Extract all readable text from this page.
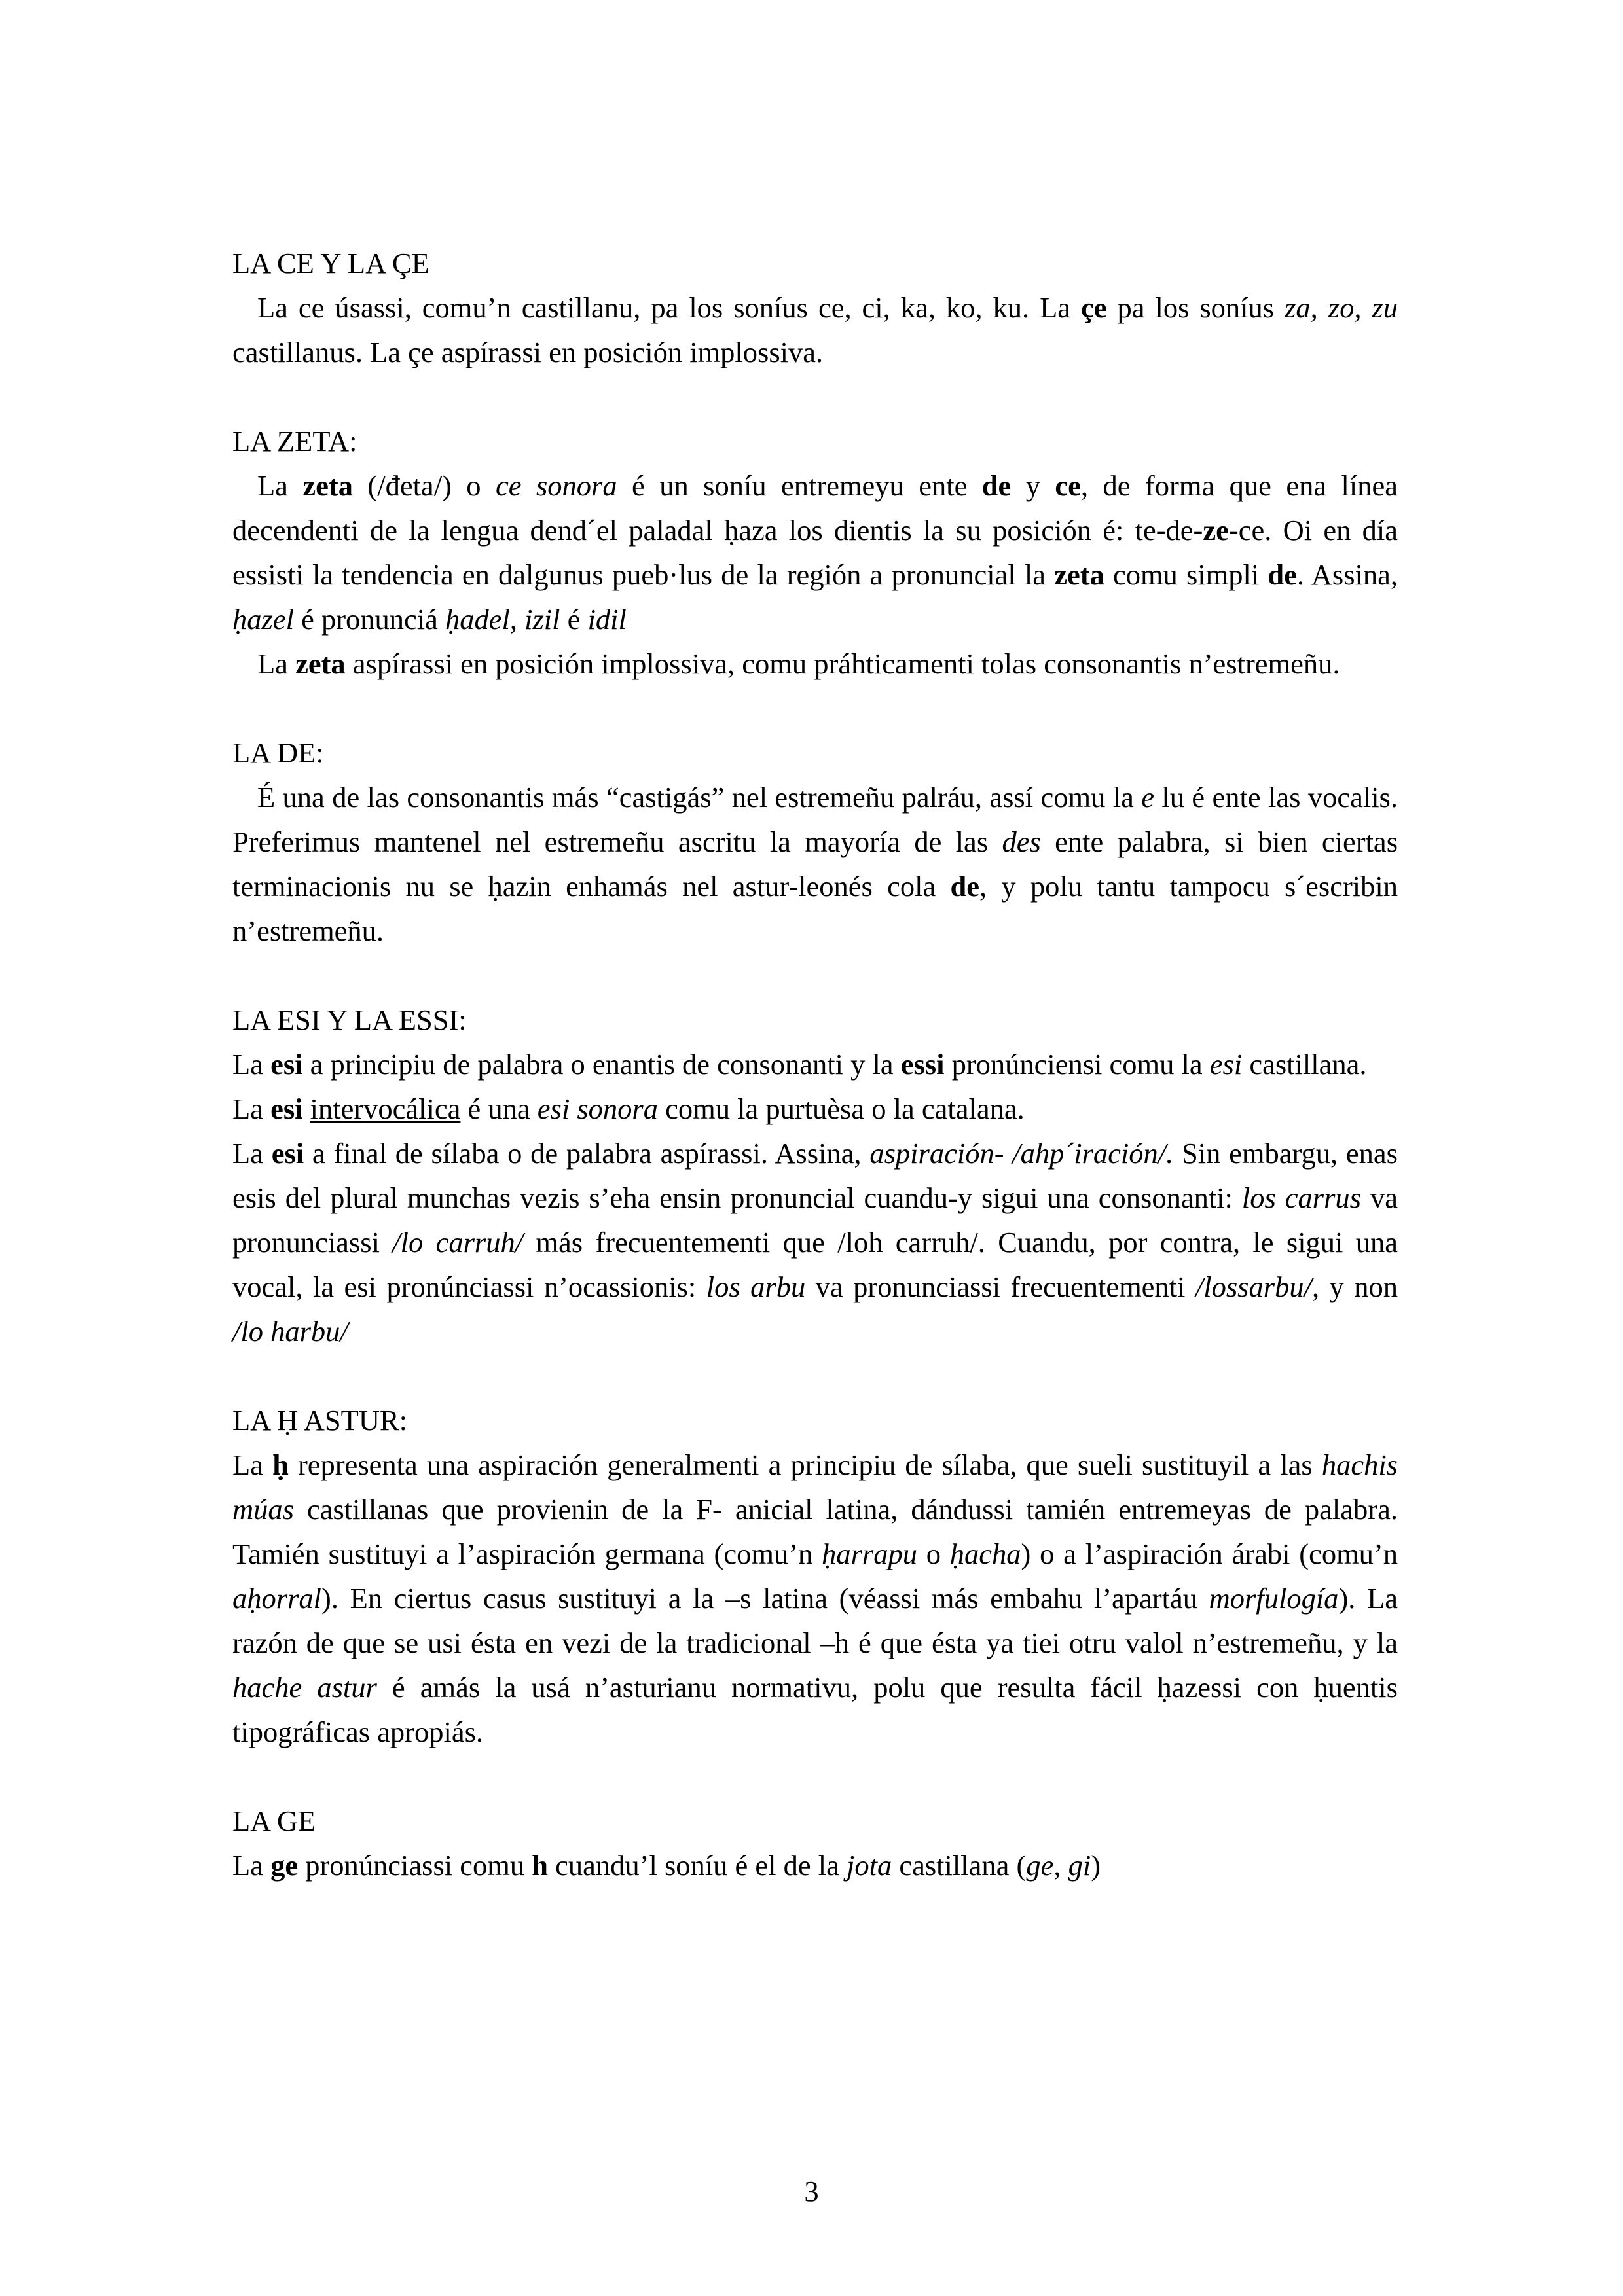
LA CE Y LA ÇE

La ce úsassi, comu’n castillanu, pa los soníus ce, ci, ka, ko, ku. La çe pa los soníus za, zo, zu castillanus. La çe aspírassi en posición implossiva.

LA ZETA:

La zeta (/đeta/) o ce sonora é un soníu entremeyu ente de y ce, de forma que ena línea decendenti de la lengua dend´el paladal ḥaza los dientis la su posición é: te-de-ze-ce. Oi en día essisti la tendencia en dalgunus pueb·lus de la región a pronuncial la zeta comu simpli de. Assina, ḥazel é pronunciá ḥadel, izil é idil

La zeta aspírassi en posición implossiva, comu práhticamenti tolas consonantis n’estremeñu.

LA DE:

É una de las consonantis más “castigás” nel estremeñu palráu, assí comu la e lu é ente las vocalis. Preferimus mantenel nel estremeñu ascritu la mayoría de las des ente palabra, si bien ciertas terminacionis nu se ḥazin enhamás nel astur-leonés cola de, y polu tantu tampocu s´escribin n’estremeñu.

LA ESI Y LA ESSI:

La esi a principiu de palabra o enantis de consonanti y la essi pronúnciensi comu la esi castillana.

La esi intervocálica é una esi sonora comu la purtuèsa o la catalana.

La esi a final de sílaba o de palabra aspírassi. Assina, aspiración- /ahp´iración/. Sin embargu, enas esis del plural munchas vezis s’eha ensin pronuncial cuandu-y sigui una consonanti: los carrus va pronunciassi /lo carruh/ más frecuentementi que /loh carruh/. Cuandu, por contra, le sigui una vocal, la esi pronúnciassi n’ocassionis: los arbu va pronunciassi frecuentementi /lossarbu/, y non /lo harbu/

LA Ḥ ASTUR:

La ḥ representa una aspiración generalmenti a principiu de sílaba, que sueli sustituyil a las hachis múas castillanas que provienin de la F- anicial latina, dándussi tamién entremeyas de palabra. Tamién sustituyi a l’aspiración germana (comu’n ḥarrapu o ḥacha) o a l’aspiración árabi (comu’n aḥorral). En ciertus casus sustituyi a la –s latina (véassi más embahu l’apartáu morfulogía). La razón de que se usi ésta en vezi de la tradicional –h é que ésta ya tiei otru valol n’estremeñu, y la hache astur é amás la usá n’asturianu normativu, polu que resulta fácil ḥazessi con ḥuentis tipográficas apropiás.

LA GE

La ge pronúnciassi comu h cuandu’l soníu é el de la jota castillana (ge, gi)

3
